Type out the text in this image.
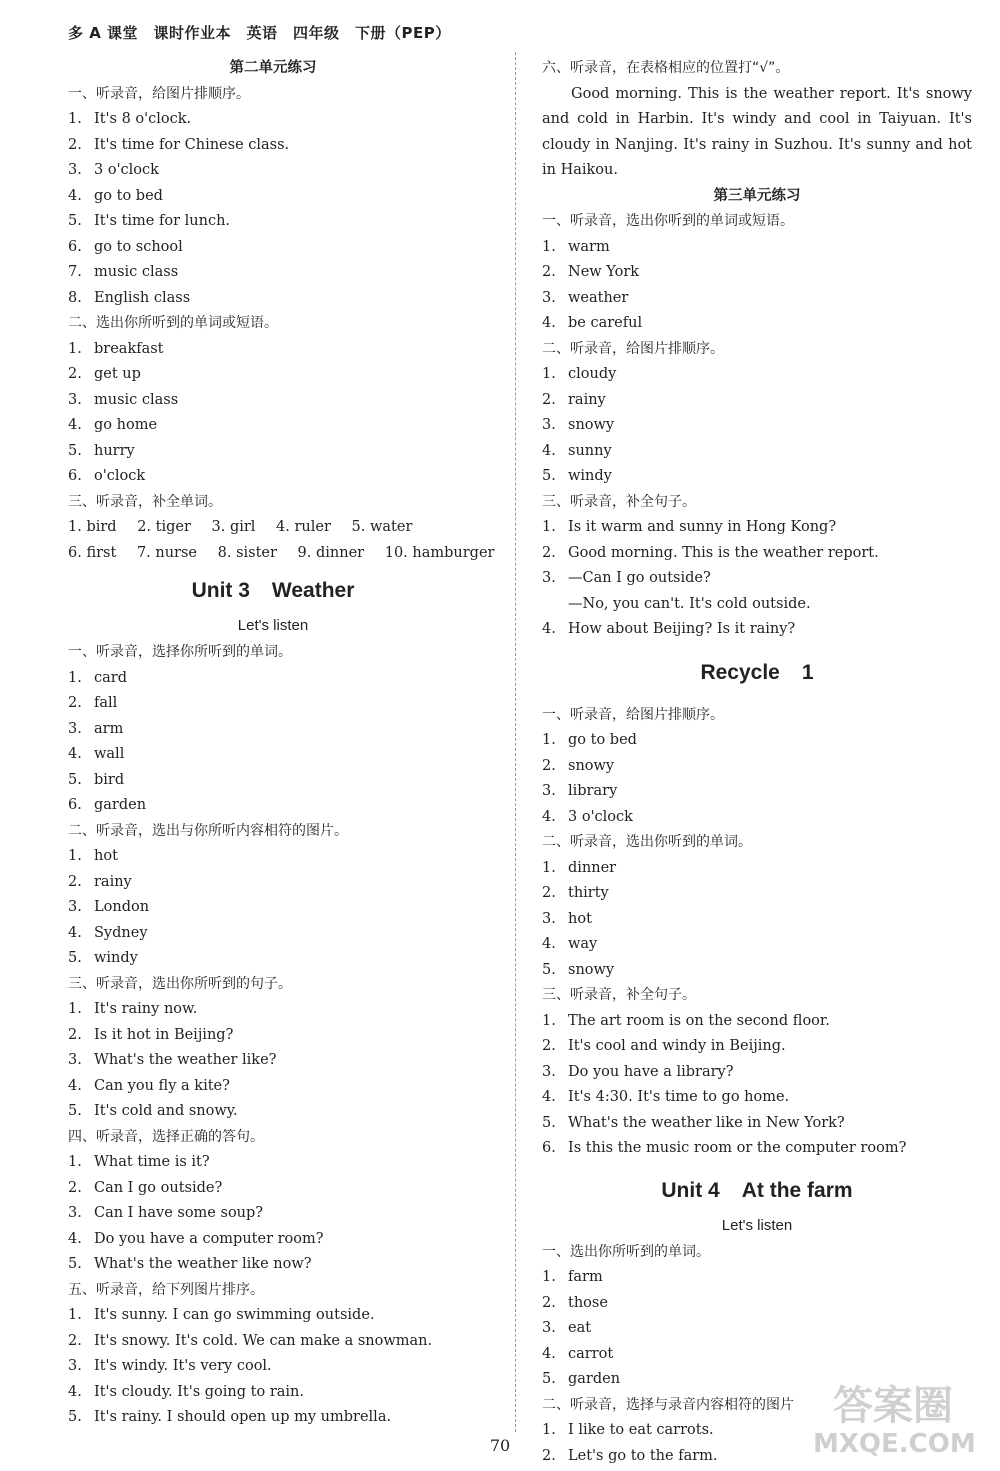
多 A 课堂　课时作业本　英语　四年级　下册（PEP）
第二单元练习
一、听录音，给图片排顺序。
1. It's 8 o'clock.
2. It's time for Chinese class.
3. 3 o'clock
4. go to bed
5. It's time for lunch.
6. go to school
7. music class
8. English class
二、选出你所听到的单词或短语。
1. breakfast
2. get up
3. music class
4. go home
5. hurry
6. o'clock
三、听录音，补全单词。
1. bird 2. tiger 3. girl 4. ruler 5. water
6. first 7. nurse 8. sister 9. dinner 10. hamburger
Unit 3 Weather
Let's listen
一、听录音，选择你所听到的单词。
1. card
2. fall
3. arm
4. wall
5. bird
6. garden
二、听录音，选出与你所听内容相符的图片。
1. hot
2. rainy
3. London
4. Sydney
5. windy
三、听录音，选出你所听到的句子。
1. It's rainy now.
2. Is it hot in Beijing?
3. What's the weather like?
4. Can you fly a kite?
5. It's cold and snowy.
四、听录音，选择正确的答句。
1. What time is it?
2. Can I go outside?
3. Can I have some soup?
4. Do you have a computer room?
5. What's the weather like now?
五、听录音，给下列图片排序。
1. It's sunny. I can go swimming outside.
2. It's snowy. It's cold. We can make a snowman.
3. It's windy. It's very cool.
4. It's cloudy. It's going to rain.
5. It's rainy. I should open up my umbrella.
六、听录音，在表格相应的位置打“√”。
Good morning. This is the weather report. It's snowy and cold in Harbin. It's windy and cool in Taiyuan. It's cloudy in Nanjing. It's rainy in Suzhou. It's sunny and hot in Haikou.
第三单元练习
一、听录音，选出你听到的单词或短语。
1. warm
2. New York
3. weather
4. be careful
二、听录音，给图片排顺序。
1. cloudy
2. rainy
3. snowy
4. sunny
5. windy
三、听录音，补全句子。
1. Is it warm and sunny in Hong Kong?
2. Good morning. This is the weather report.
3. —Can I go outside?
—No, you can't. It's cold outside.
4. How about Beijing? Is it rainy?
Recycle 1
一、听录音，给图片排顺序。
1. go to bed
2. snowy
3. library
4. 3 o'clock
二、听录音，选出你听到的单词。
1. dinner
2. thirty
3. hot
4. way
5. snowy
三、听录音，补全句子。
1. The art room is on the second floor.
2. It's cool and windy in Beijing.
3. Do you have a library?
4. It's 4:30. It's time to go home.
5. What's the weather like in New York?
6. Is this the music room or the computer room?
Unit 4 At the farm
Let's listen
一、选出你所听到的单词。
1. farm
2. those
3. eat
4. carrot
5. garden
二、听录音，选择与录音内容相符的图片
1. I like to eat carrots.
2. Let's go to the farm.
70
答案圈
MXQE.COM
